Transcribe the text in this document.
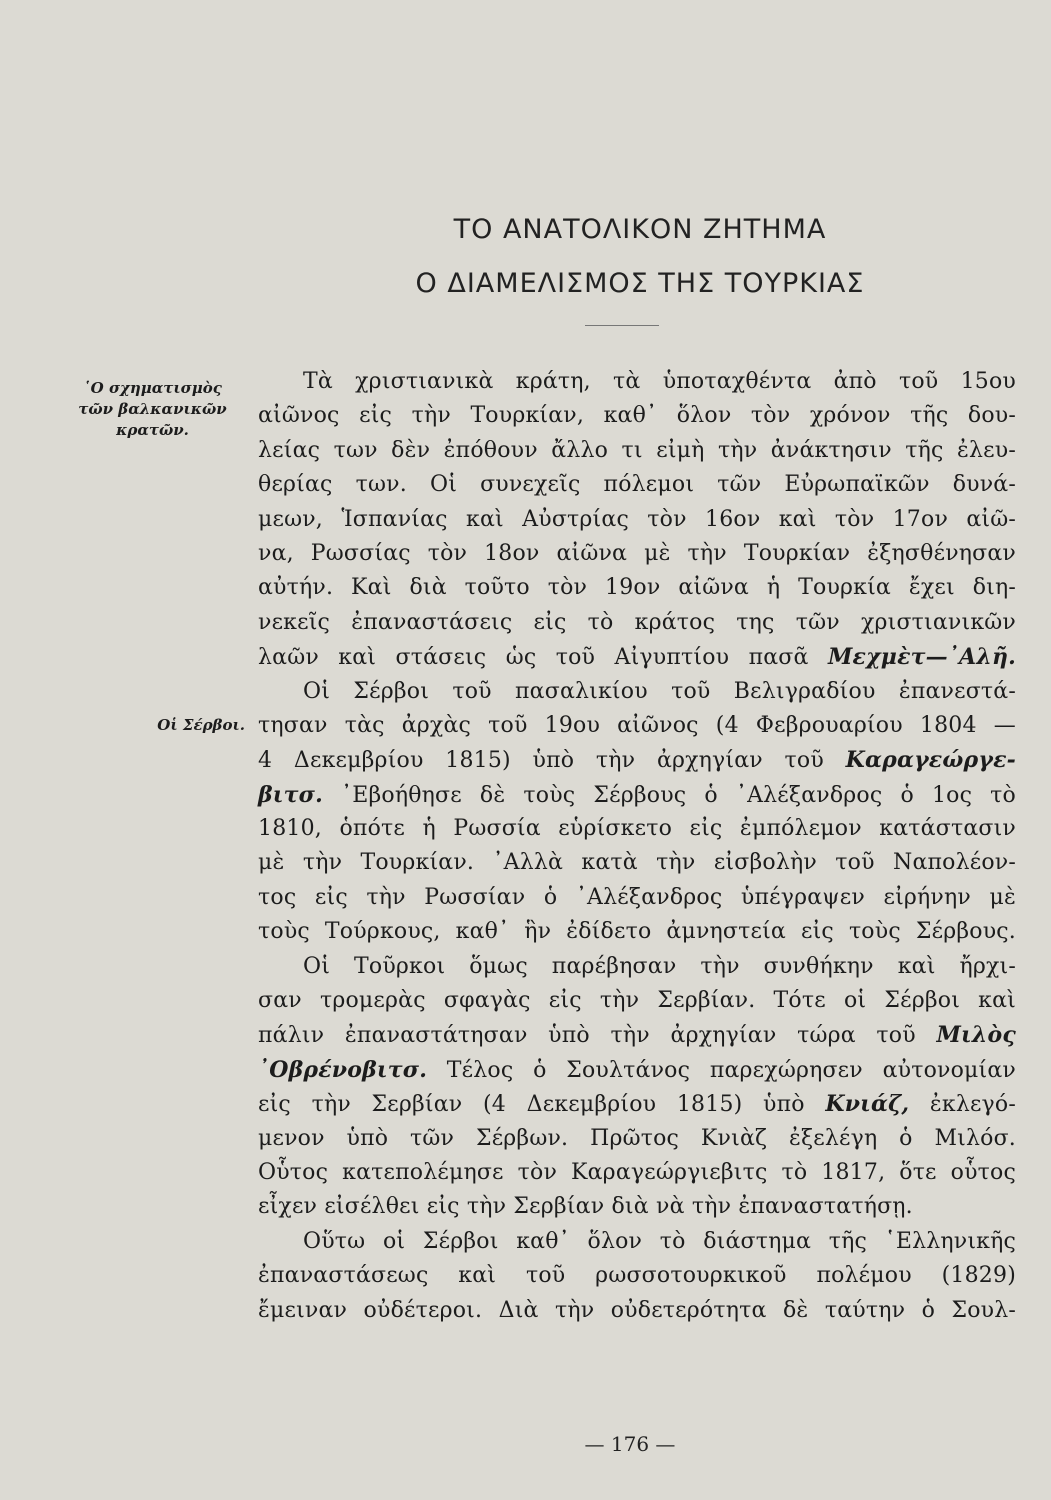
ΤΟ ΑΝΑΤΟΛΙΚΟΝ ΖΗΤΗΜΑ
Ο ΔΙΑΜΕΛΙΣΜΟΣ ΤΗΣ ΤΟΥΡΚΙΑΣ
῾Ο σχηματισμὸς
τῶν βαλκανικῶν
κρατῶν.
Οἱ Σέρβοι.
Τὰ χριστιανικὰ κράτη, τὰ ὑποταχθέντα ἀπὸ τοῦ 15ου
αἰῶνος εἰς τὴν Τουρκίαν, καθ᾿ ὅλον τὸν χρόνον τῆς δου-
λείας των δὲν ἐπόθουν ἄλλο τι εἰμὴ τὴν ἀνάκτησιν τῆς ἐλευ-
θερίας των. Οἱ συνεχεῖς πόλεμοι τῶν Εὐρωπαϊκῶν δυνά-
μεων, Ἱσπανίας καὶ Αὐστρίας τὸν 16ον καὶ τὸν 17ον αἰῶ-
να, Ρωσσίας τὸν 18ον αἰῶνα μὲ τὴν Τουρκίαν ἐξησθένησαν
αὐτήν. Καὶ διὰ τοῦτο τὸν 19ον αἰῶνα ἡ Τουρκία ἔχει διη-
νεκεῖς ἐπαναστάσεις εἰς τὸ κράτος της τῶν χριστιανικῶν
λαῶν καὶ στάσεις ὡς τοῦ Αἰγυπτίου πασᾶ Μεχμὲτ—᾿Αλῆ.
Οἱ Σέρβοι τοῦ πασαλικίου τοῦ Βελιγραδίου ἐπανεστά-
τησαν τὰς ἀρχὰς τοῦ 19ου αἰῶνος (4 Φεβρουαρίου 1804 —
4 Δεκεμβρίου 1815) ὑπὸ τὴν ἀρχηγίαν τοῦ Καραγεώργε-
βιτσ. ᾿Εβοήθησε δὲ τοὺς Σέρβους ὁ ᾿Αλέξανδρος ὁ 1ος τὸ
1810, ὁπότε ἡ Ρωσσία εὑρίσκετο εἰς ἐμπόλεμον κατάστασιν
μὲ τὴν Τουρκίαν. ᾿Αλλὰ κατὰ τὴν εἰσβολὴν τοῦ Ναπολέον-
τος εἰς τὴν Ρωσσίαν ὁ ᾿Αλέξανδρος ὑπέγραψεν εἰρήνην μὲ
τοὺς Τούρκους, καθ᾿ ἣν ἐδίδετο ἀμνηστεία εἰς τοὺς Σέρβους.
Οἱ Τοῦρκοι ὅμως παρέβησαν τὴν συνθήκην καὶ ἤρχι-
σαν τρομερὰς σφαγὰς εἰς τὴν Σερβίαν. Τότε οἱ Σέρβοι καὶ
πάλιν ἐπαναστάτησαν ὑπὸ τὴν ἀρχηγίαν τώρα τοῦ Μιλὸς
᾿Οβρένοβιτσ. Τέλος ὁ Σουλτάνος παρεχώρησεν αὐτονομίαν
εἰς τὴν Σερβίαν (4 Δεκεμβρίου 1815) ὑπὸ Κνιάζ, ἐκλεγό-
μενον ὑπὸ τῶν Σέρβων. Πρῶτος Κνιὰζ ἐξελέγη ὁ Μιλόσ.
Οὗτος κατεπολέμησε τὸν Καραγεώργιεβιτς τὸ 1817, ὅτε οὗτος
εἶχεν εἰσέλθει εἰς τὴν Σερβίαν διὰ νὰ τὴν ἐπαναστατήσῃ.
Οὕτω οἱ Σέρβοι καθ᾿ ὅλον τὸ διάστημα τῆς ῾Ελληνικῆς
ἐπαναστάσεως καὶ τοῦ ρωσσοτουρκικοῦ πολέμου (1829)
ἔμειναν οὐδέτεροι. Διὰ τὴν οὐδετερότητα δὲ ταύτην ὁ Σουλ-
— 176 —
